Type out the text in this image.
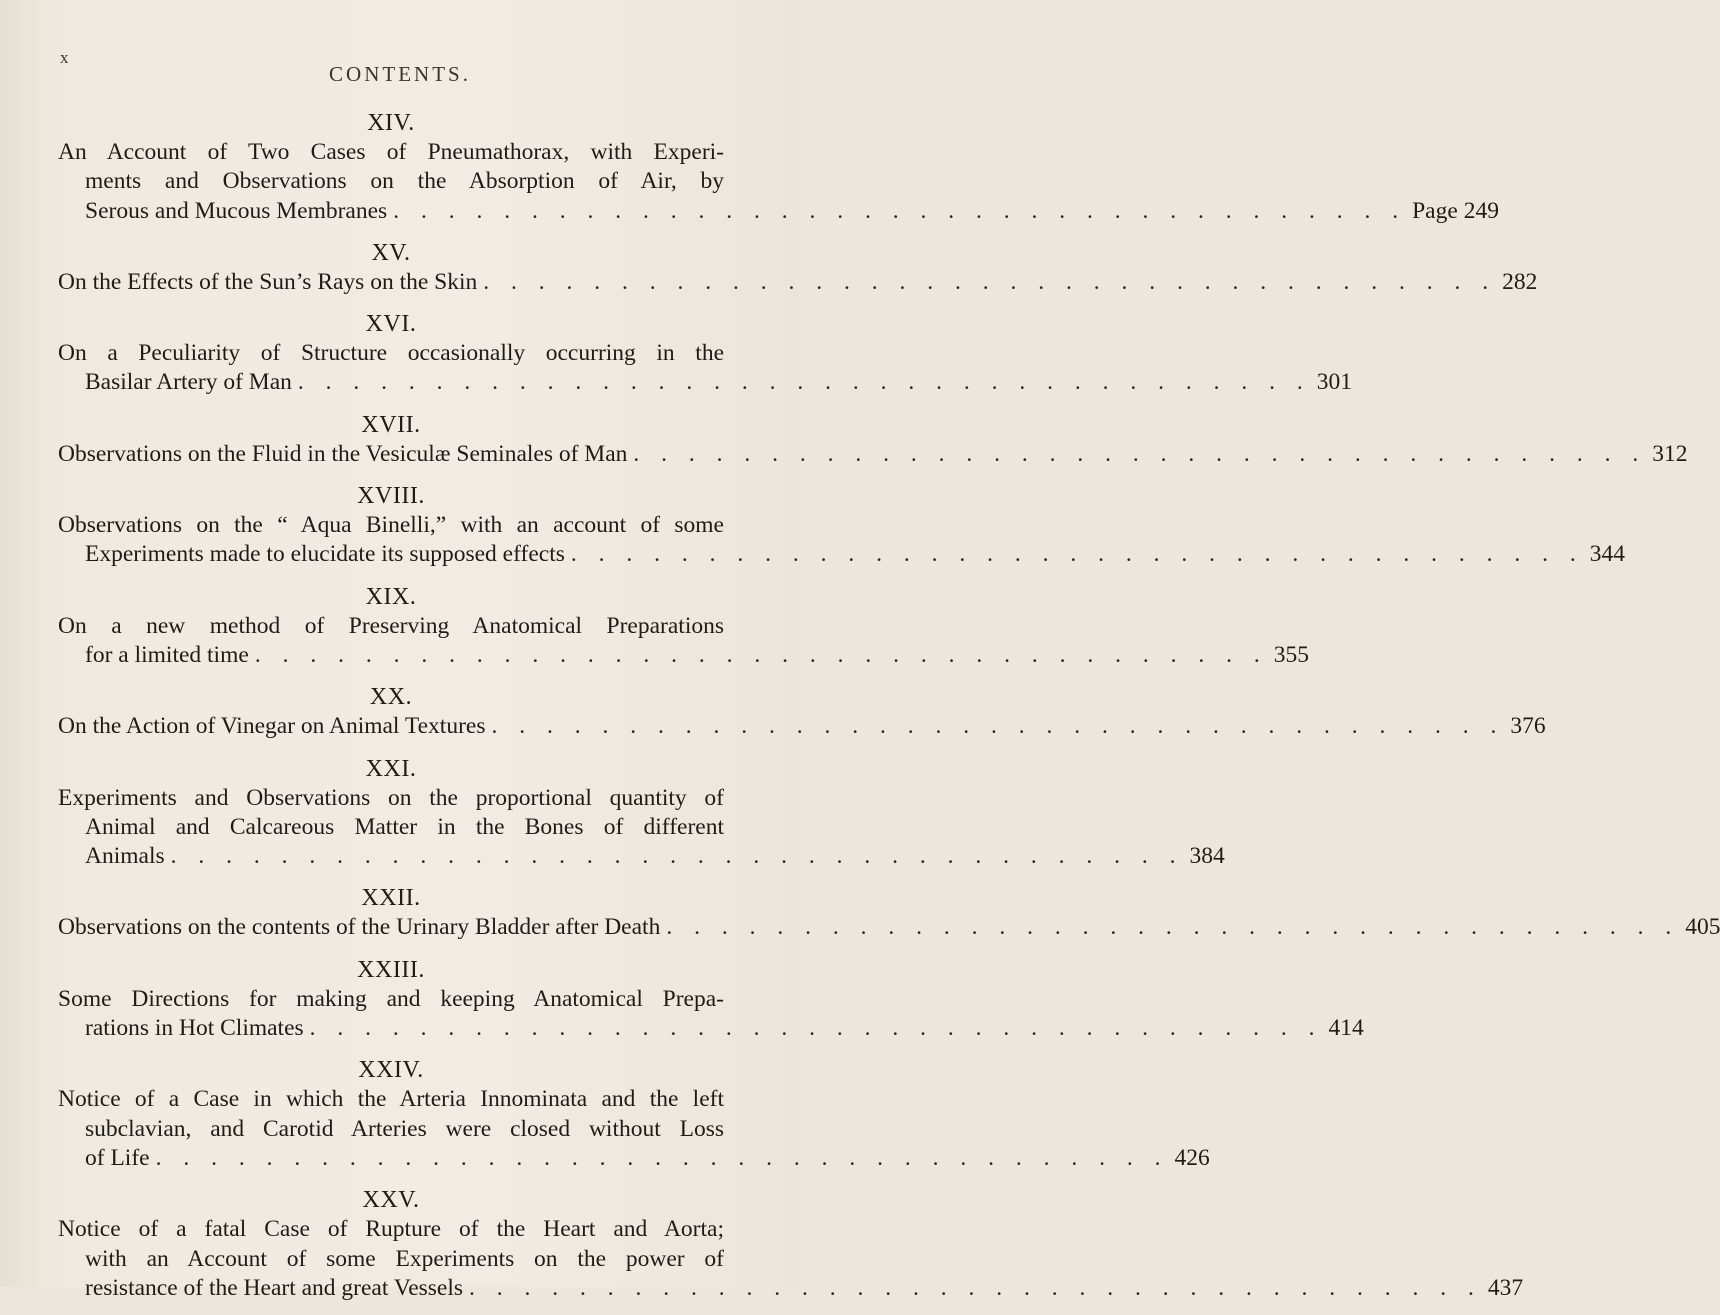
x
CONTENTS.
XIV.
An Account of Two Cases of Pneumathorax, with Experi-
ments and Observations on the Absorption of Air, by
Serous and Mucous Membranes . . . . . . . . . . . . . . . . . . . . . . . . . . . . . . . . . . . . . Page 249
XV.
On the Effects of the Sun’s Rays on the Skin . . . . . . . . . . . . . . . . . . . . . . . . . . . . . . . . . . . . . 282
XVI.
On a Peculiarity of Structure occasionally occurring in the
Basilar Artery of Man . . . . . . . . . . . . . . . . . . . . . . . . . . . . . . . . . . . . . 301
XVII.
Observations on the Fluid in the Vesiculæ Seminales of Man . . . . . . . . . . . . . . . . . . . . . . . . . . . . . . . . . . . . . 312
XVIII.
Observations on the “ Aqua Binelli,” with an account of some
Experiments made to elucidate its supposed effects . . . . . . . . . . . . . . . . . . . . . . . . . . . . . . . . . . . . . 344
XIX.
On a new method of Preserving Anatomical Preparations
for a limited time . . . . . . . . . . . . . . . . . . . . . . . . . . . . . . . . . . . . . 355
XX.
On the Action of Vinegar on Animal Textures . . . . . . . . . . . . . . . . . . . . . . . . . . . . . . . . . . . . . 376
XXI.
Experiments and Observations on the proportional quantity of
Animal and Calcareous Matter in the Bones of different
Animals . . . . . . . . . . . . . . . . . . . . . . . . . . . . . . . . . . . . . 384
XXII.
Observations on the contents of the Urinary Bladder after Death . . . . . . . . . . . . . . . . . . . . . . . . . . . . . . . . . . . . . 405
XXIII.
Some Directions for making and keeping Anatomical Prepa-
rations in Hot Climates . . . . . . . . . . . . . . . . . . . . . . . . . . . . . . . . . . . . . 414
XXIV.
Notice of a Case in which the Arteria Innominata and the left
subclavian, and Carotid Arteries were closed without Loss
of Life . . . . . . . . . . . . . . . . . . . . . . . . . . . . . . . . . . . . . 426
XXV.
Notice of a fatal Case of Rupture of the Heart and Aorta;
with an Account of some Experiments on the power of
resistance of the Heart and great Vessels . . . . . . . . . . . . . . . . . . . . . . . . . . . . . . . . . . . . . 437
